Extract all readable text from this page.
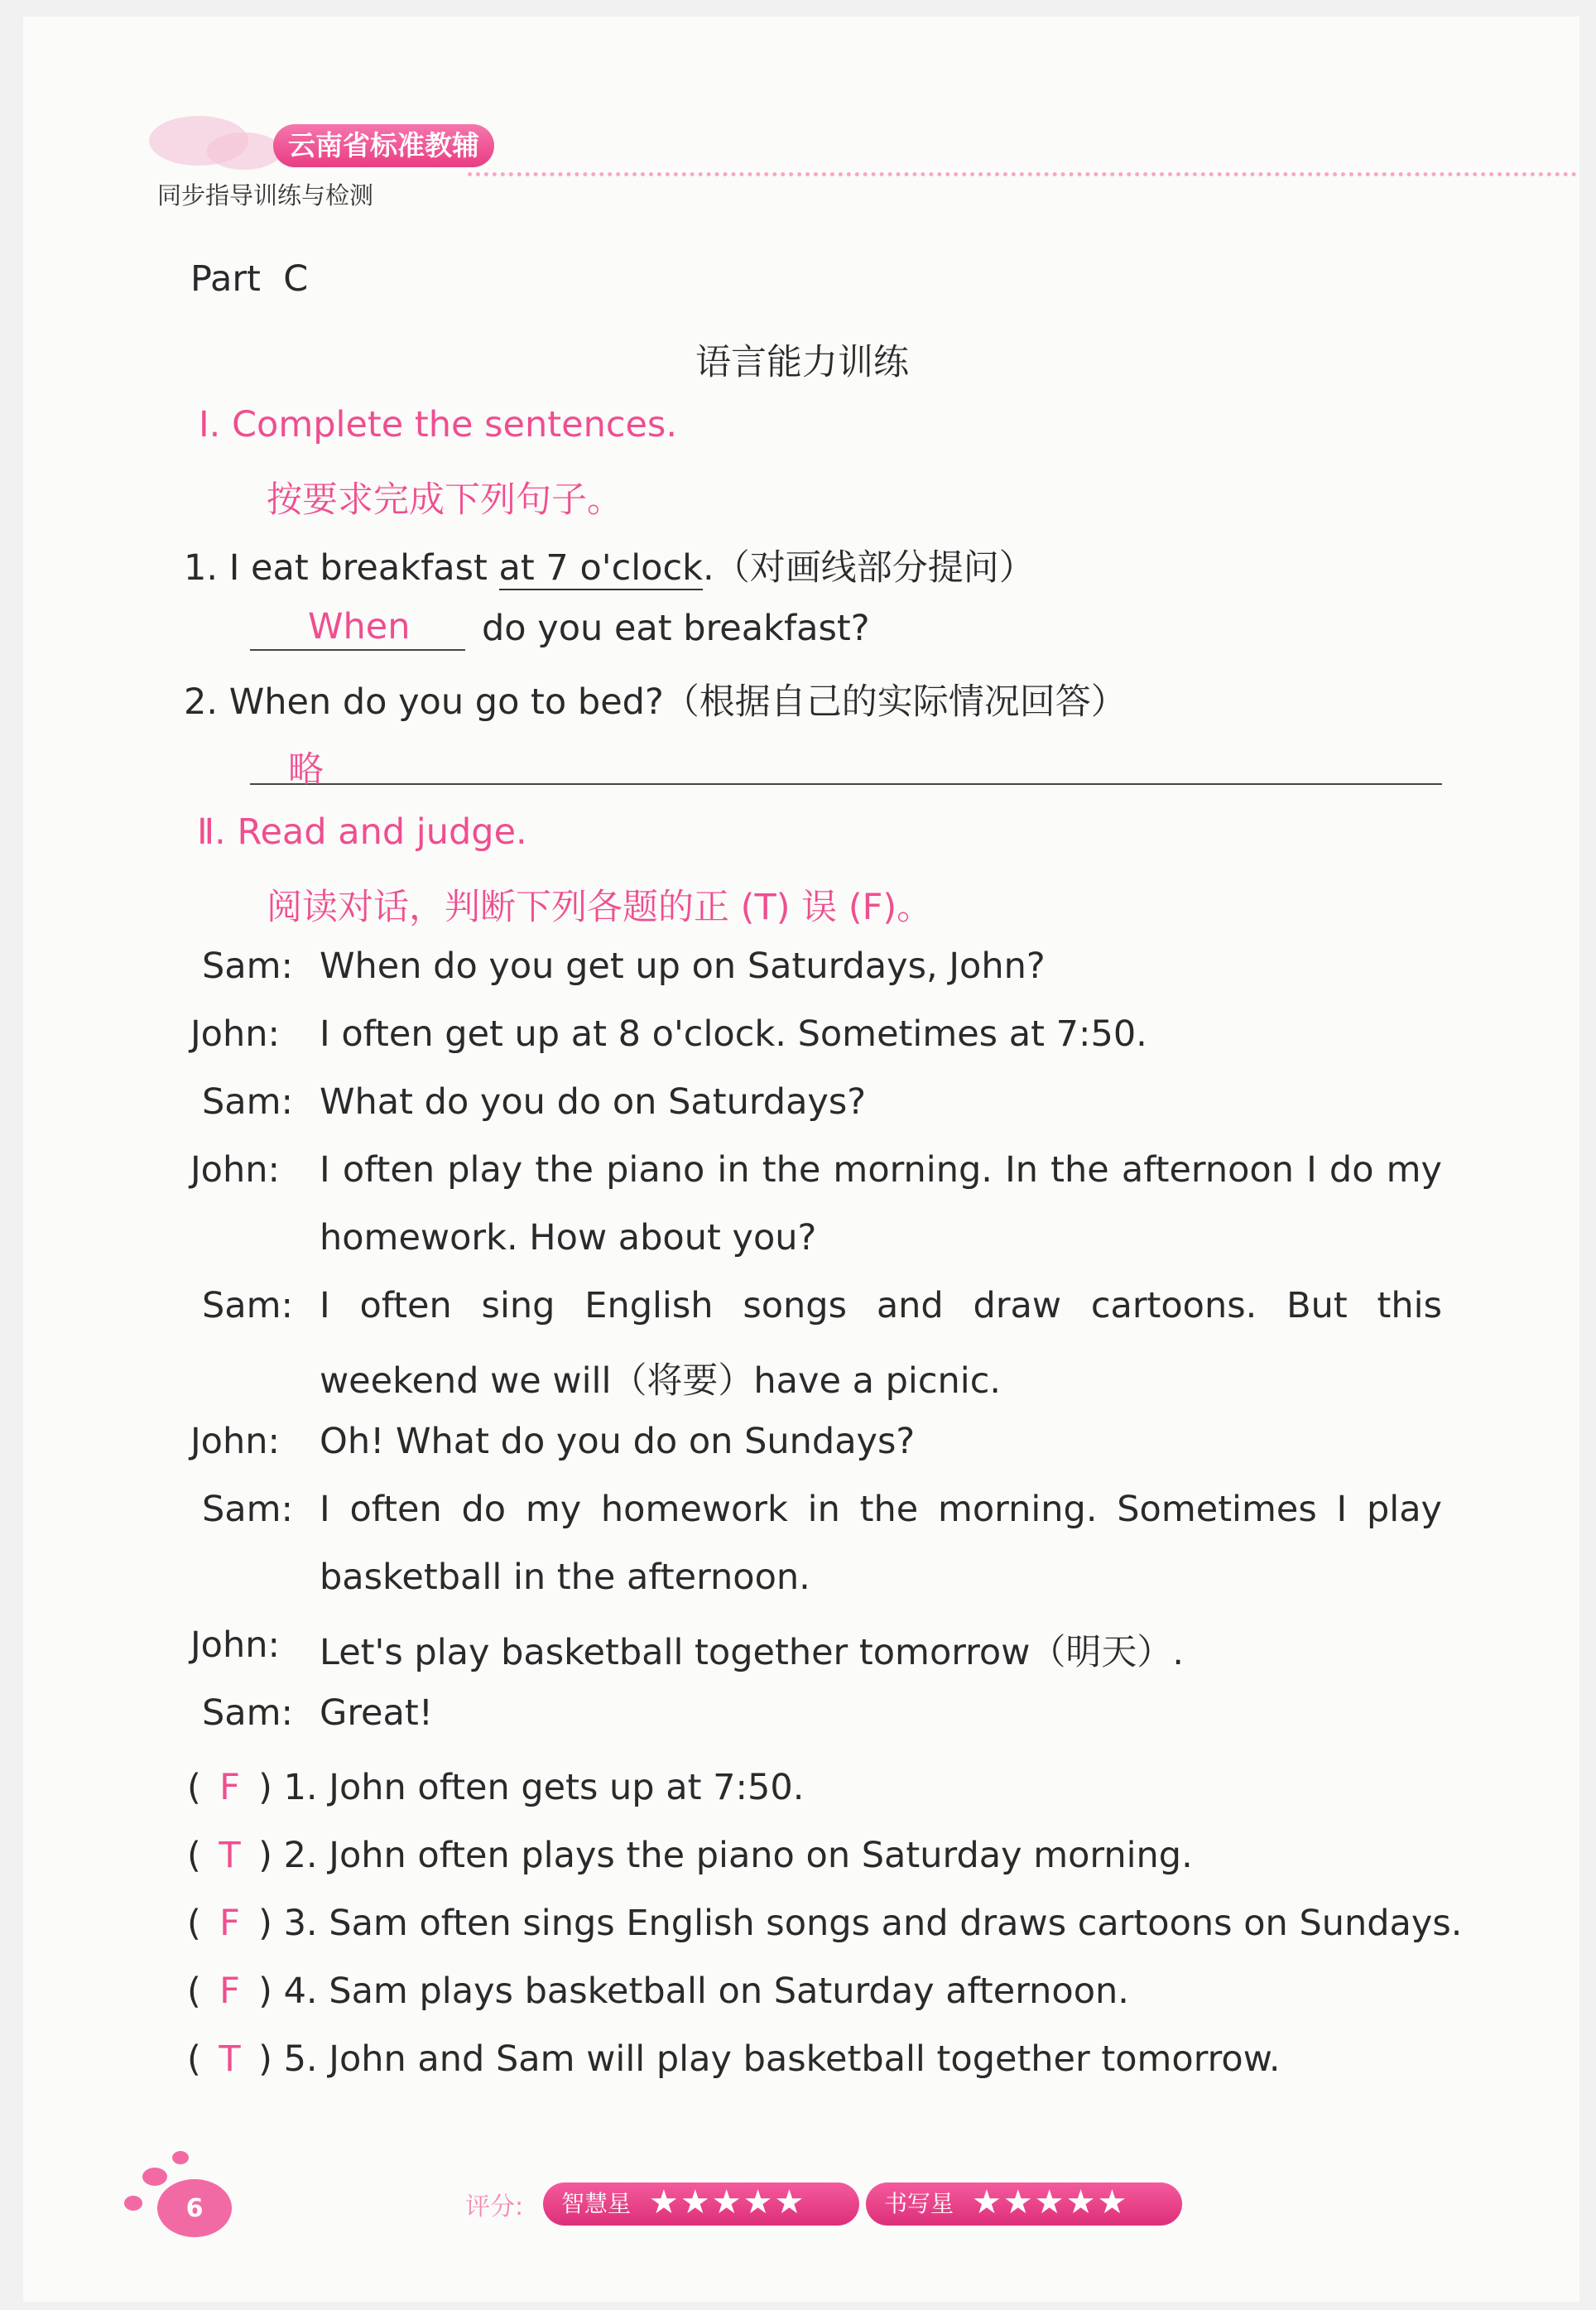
云南省标准教辅
同步指导训练与检测
Part  C
语言能力训练
Ⅰ. Complete the sentences.
按要求完成下列句子。
1. I eat breakfast at 7 o'clock.（对画线部分提问）
When do you eat breakfast?
2. When do you go to bed?（根据自己的实际情况回答）
略
Ⅱ. Read and judge.
阅读对话，判断下列各题的正 (T) 误 (F)。
Sam: When do you get up on Saturdays, John?
John: I often get up at 8 o'clock. Sometimes at 7:50.
Sam: What do you do on Saturdays?
John: I often play the piano in the morning. In the afternoon I do my
homework. How about you?
Sam: I often sing English songs and draw cartoons. But this
weekend we will（将要）have a picnic.
John: Oh! What do you do on Sundays?
Sam: I often do my homework in the morning. Sometimes I play
basketball in the afternoon.
John: Let's play basketball together tomorrow（明天）.
Sam: Great!
( F ) 1. John often gets up at 7:50.
( T ) 2. John often plays the piano on Saturday morning.
( F ) 3. Sam often sings English songs and draws cartoons on Sundays.
( F ) 4. Sam plays basketball on Saturday afternoon.
( T ) 5. John and Sam will play basketball together tomorrow.
6	评分:	智慧星 ★★★★★	书写星 ★★★★★
